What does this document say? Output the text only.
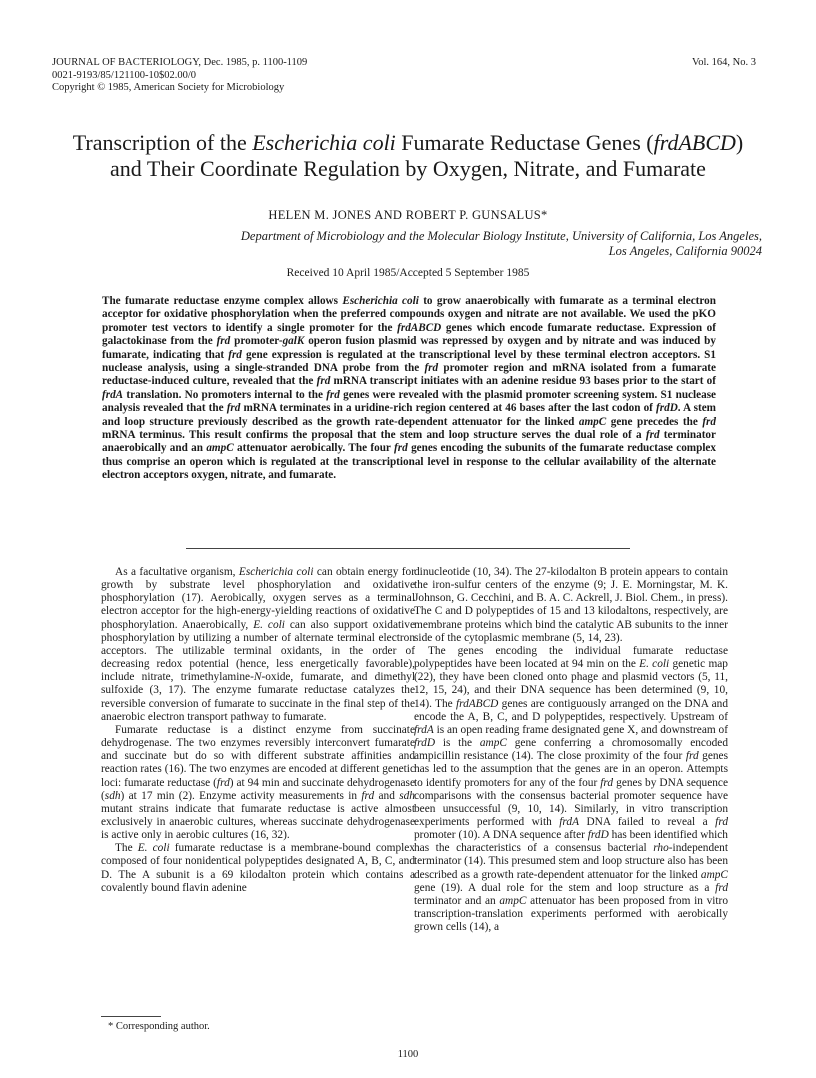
JOURNAL OF BACTERIOLOGY, Dec. 1985, p. 1100-1109
0021-9193/85/121100-10$02.00/0
Copyright © 1985, American Society for Microbiology
Vol. 164, No. 3
Transcription of the Escherichia coli Fumarate Reductase Genes (frdABCD) and Their Coordinate Regulation by Oxygen, Nitrate, and Fumarate
HELEN M. JONES AND ROBERT P. GUNSALUS*
Department of Microbiology and the Molecular Biology Institute, University of California, Los Angeles,
Los Angeles, California 90024
Received 10 April 1985/Accepted 5 September 1985
The fumarate reductase enzyme complex allows Escherichia coli to grow anaerobically with fumarate as a terminal electron acceptor for oxidative phosphorylation when the preferred compounds oxygen and nitrate are not available. We used the pKO promoter test vectors to identify a single promoter for the frdABCD genes which encode fumarate reductase. Expression of galactokinase from the frd promoter-galK operon fusion plasmid was repressed by oxygen and by nitrate and was induced by fumarate, indicating that frd gene expression is regulated at the transcriptional level by these terminal electron acceptors. S1 nuclease analysis, using a single-stranded DNA probe from the frd promoter region and mRNA isolated from a fumarate reductase-induced culture, revealed that the frd mRNA transcript initiates with an adenine residue 93 bases prior to the start of frdA translation. No promoters internal to the frd genes were revealed with the plasmid promoter screening system. S1 nuclease analysis revealed that the frd mRNA terminates in a uridine-rich region centered at 46 bases after the last codon of frdD. A stem and loop structure previously described as the growth rate-dependent attenuator for the linked ampC gene precedes the frd mRNA terminus. This result confirms the proposal that the stem and loop structure serves the dual role of a frd terminator anaerobically and an ampC attenuator aerobically. The four frd genes encoding the subunits of the fumarate reductase complex thus comprise an operon which is regulated at the transcriptional level in response to the cellular availability of the alternate electron acceptors oxygen, nitrate, and fumarate.

As a facultative organism, Escherichia coli can obtain energy for growth by substrate level phosphorylation and oxidative phosphorylation (17). Aerobically, oxygen serves as a terminal electron acceptor for the high-energy-yielding reactions of oxidative phosphorylation. Anaerobically, E. coli can also support oxidative phosphorylation by utilizing a number of alternate terminal electron acceptors. The utilizable terminal oxidants, in the order of decreasing redox potential (hence, less energetically favorable), include nitrate, trimethylamine-N-oxide, fumarate, and dimethyl sulfoxide (3, 17). The enzyme fumarate reductase catalyzes the reversible conversion of fumarate to succinate in the final step of the anaerobic electron transport pathway to fumarate.

Fumarate reductase is a distinct enzyme from succinate dehydrogenase. The two enzymes reversibly interconvert fumarate and succinate but do so with different substrate affinities and reaction rates (16). The two enzymes are encoded at different genetic loci: fumarate reductase (frd) at 94 min and succinate dehydrogenase (sdh) at 17 min (2). Enzyme activity measurements in frd and sdh mutant strains indicate that fumarate reductase is active almost exclusively in anaerobic cultures, whereas succinate dehydrogenase is active only in aerobic cultures (16, 32).

The E. coli fumarate reductase is a membrane-bound complex composed of four nonidentical polypeptides designated A, B, C, and D. The A subunit is a 69 kilodalton protein which contains a covalently bound flavin adenine

dinucleotide (10, 34). The 27-kilodalton B protein appears to contain the iron-sulfur centers of the enzyme (9; J. E. Morningstar, M. K. Johnson, G. Cecchini, and B. A. C. Ackrell, J. Biol. Chem., in press). The C and D polypeptides of 15 and 13 kilodaltons, respectively, are membrane proteins which bind the catalytic AB subunits to the inner side of the cytoplasmic membrane (5, 14, 23).

The genes encoding the individual fumarate reductase polypeptides have been located at 94 min on the E. coli genetic map (22), they have been cloned onto phage and plasmid vectors (5, 11, 12, 15, 24), and their DNA sequence has been determined (9, 10, 14). The frdABCD genes are contiguously arranged on the DNA and encode the A, B, C, and D polypeptides, respectively. Upstream of frdA is an open reading frame designated gene X, and downstream of frdD is the ampC gene conferring a chromosomally encoded ampicillin resistance (14). The close proximity of the four frd genes has led to the assumption that the genes are in an operon. Attempts to identify promoters for any of the four frd genes by DNA sequence comparisons with the consensus bacterial promoter sequence have been unsuccessful (9, 10, 14). Similarly, in vitro transcription experiments performed with frdA DNA failed to reveal a frd promoter (10). A DNA sequence after frdD has been identified which has the characteristics of a consensus bacterial rho-independent terminator (14). This presumed stem and loop structure also has been described as a growth rate-dependent attenuator for the linked ampC gene (19). A dual role for the stem and loop structure as a frd terminator and an ampC attenuator has been proposed from in vitro transcription-translation experiments performed with aerobically grown cells (14), a

* Corresponding author.
1100
